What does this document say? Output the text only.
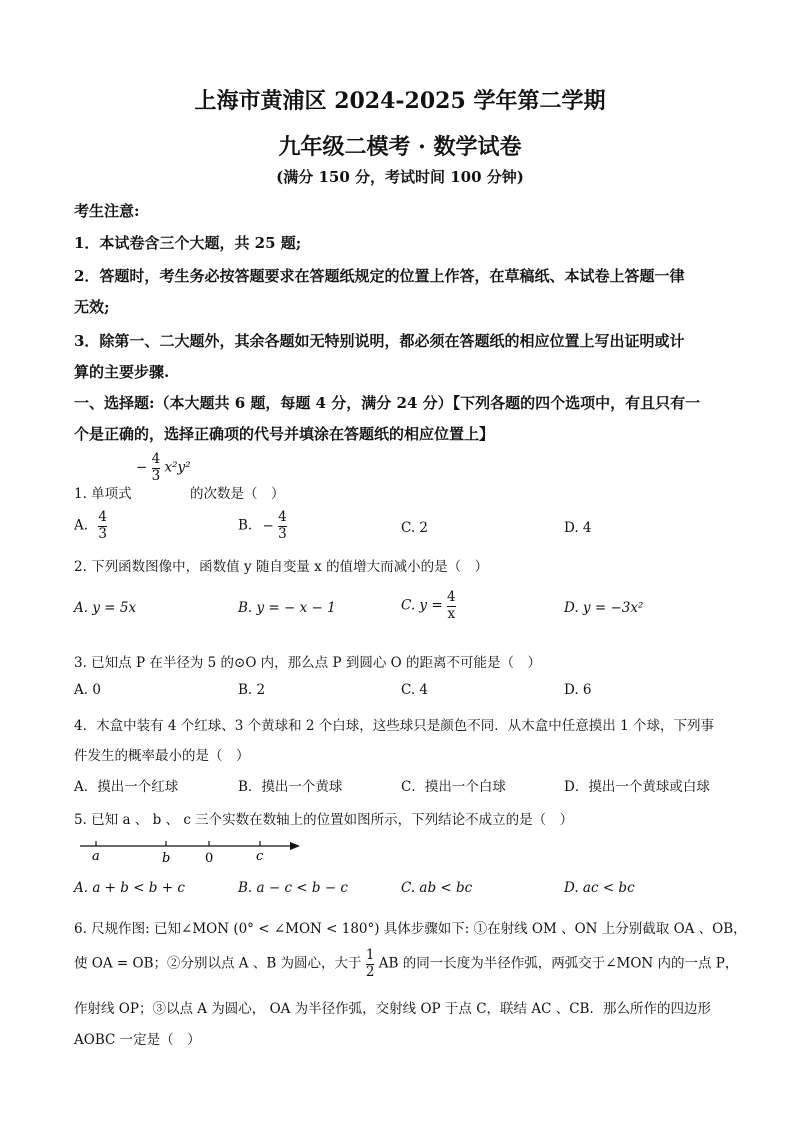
上海市黄浦区 2024-2025 学年第二学期
九年级二模考 · 数学试卷
(满分 150 分，考试时间 100 分钟)
考生注意:
1．本试卷含三个大题，共 25 题;
2．答题时，考生务必按答题要求在答题纸规定的位置上作答，在草稿纸、本试卷上答题一律
无效;
3．除第一、二大题外，其余各题如无特别说明，都必须在答题纸的相应位置上写出证明或计
算的主要步骤.
一、选择题:（本大题共 6 题，每题 4 分，满分 24 分）【下列各题的四个选项中，有且只有一
个是正确的，选择正确项的代号并填涂在答题纸的相应位置上】
1. 单项式
− $\frac{4}{3} x^2y^2$
的次数是（　）
A. $\frac{4}{3}$	B. − $\frac{4}{3}$	C. 2	D. 4
2. 下列函数图像中，函数值 y 随自变量 x 的值增大而减小的是（　）
A. y = 5x	B. y = − x − 1	C. $y = \frac{4}{x}$	D. y = −3x²
3. 已知点 P 在半径为 5 的⊙O 内，那么点 P 到圆心 O 的距离不可能是（　）
A. 0	B. 2	C. 4	D. 6
4．木盒中装有 4 个红球、3 个黄球和 2 个白球，这些球只是颜色不同．从木盒中任意摸出 1 个球，下列事
件发生的概率最小的是（　）
A．摸出一个红球	B．摸出一个黄球	C．摸出一个白球	D．摸出一个黄球或白球
5. 已知 a 、 b 、 c 三个实数在数轴上的位置如图所示，下列结论不成立的是（　）
a	b	0	c
A. a + b < b + c	B. a − c < b − c	C. ab < bc	D. ac < bc
6. 尺规作图: 已知∠MON (0° < ∠MON < 180°) 具体步骤如下: ①在射线 OM 、ON 上分别截取 OA 、OB，
使 OA = OB；②分别以点 A 、B 为圆心，大于 $\frac{1}{2}$ AB 的同一长度为半径作弧，两弧交于∠MON 内的一点 P，
作射线 OP；③以点 A 为圆心， OA 为半径作弧，交射线 OP 于点 C，联结 AC 、CB．那么所作的四边形
AOBC 一定是（　）
